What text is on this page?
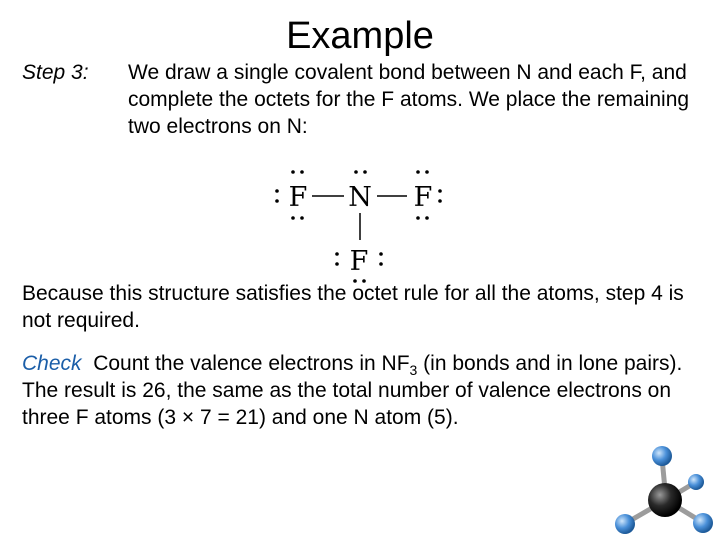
Example
Step 3: We draw a single covalent bond between N and each F, and complete the octets for the F atoms. We place the remaining two electrons on N:
F N F
F
Because this structure satisfies the octet rule for all the atoms, step 4 is not required.
Check Count the valence electrons in $NF_3$ (in bonds and in lone pairs). The result is 26, the same as the total number of valence electrons on three F atoms (3 × 7 = 21) and one N atom (5).
